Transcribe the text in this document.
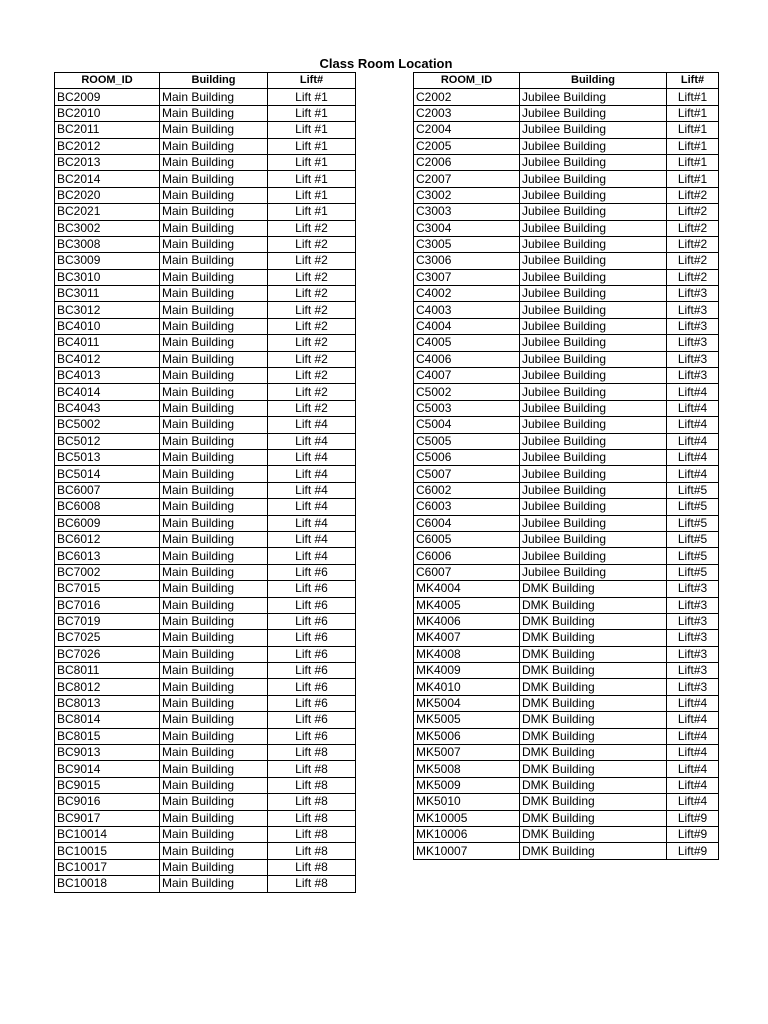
Class Room Location
ROOM_ID	Building	Lift#
BC2009	Main Building	Lift #1
BC2010	Main Building	Lift #1
BC2011	Main Building	Lift #1
BC2012	Main Building	Lift #1
BC2013	Main Building	Lift #1
BC2014	Main Building	Lift #1
BC2020	Main Building	Lift #1
BC2021	Main Building	Lift #1
BC3002	Main Building	Lift #2
BC3008	Main Building	Lift #2
BC3009	Main Building	Lift #2
BC3010	Main Building	Lift #2
BC3011	Main Building	Lift #2
BC3012	Main Building	Lift #2
BC4010	Main Building	Lift #2
BC4011	Main Building	Lift #2
BC4012	Main Building	Lift #2
BC4013	Main Building	Lift #2
BC4014	Main Building	Lift #2
BC4043	Main Building	Lift #2
BC5002	Main Building	Lift #4
BC5012	Main Building	Lift #4
BC5013	Main Building	Lift #4
BC5014	Main Building	Lift #4
BC6007	Main Building	Lift #4
BC6008	Main Building	Lift #4
BC6009	Main Building	Lift #4
BC6012	Main Building	Lift #4
BC6013	Main Building	Lift #4
BC7002	Main Building	Lift #6
BC7015	Main Building	Lift #6
BC7016	Main Building	Lift #6
BC7019	Main Building	Lift #6
BC7025	Main Building	Lift #6
BC7026	Main Building	Lift #6
BC8011	Main Building	Lift #6
BC8012	Main Building	Lift #6
BC8013	Main Building	Lift #6
BC8014	Main Building	Lift #6
BC8015	Main Building	Lift #6
BC9013	Main Building	Lift #8
BC9014	Main Building	Lift #8
BC9015	Main Building	Lift #8
BC9016	Main Building	Lift #8
BC9017	Main Building	Lift #8
BC10014	Main Building	Lift #8
BC10015	Main Building	Lift #8
BC10017	Main Building	Lift #8
BC10018	Main Building	Lift #8
ROOM_ID	Building	Lift#
C2002	Jubilee Building	Lift#1
C2003	Jubilee Building	Lift#1
C2004	Jubilee Building	Lift#1
C2005	Jubilee Building	Lift#1
C2006	Jubilee Building	Lift#1
C2007	Jubilee Building	Lift#1
C3002	Jubilee Building	Lift#2
C3003	Jubilee Building	Lift#2
C3004	Jubilee Building	Lift#2
C3005	Jubilee Building	Lift#2
C3006	Jubilee Building	Lift#2
C3007	Jubilee Building	Lift#2
C4002	Jubilee Building	Lift#3
C4003	Jubilee Building	Lift#3
C4004	Jubilee Building	Lift#3
C4005	Jubilee Building	Lift#3
C4006	Jubilee Building	Lift#3
C4007	Jubilee Building	Lift#3
C5002	Jubilee Building	Lift#4
C5003	Jubilee Building	Lift#4
C5004	Jubilee Building	Lift#4
C5005	Jubilee Building	Lift#4
C5006	Jubilee Building	Lift#4
C5007	Jubilee Building	Lift#4
C6002	Jubilee Building	Lift#5
C6003	Jubilee Building	Lift#5
C6004	Jubilee Building	Lift#5
C6005	Jubilee Building	Lift#5
C6006	Jubilee Building	Lift#5
C6007	Jubilee Building	Lift#5
MK4004	DMK Building	Lift#3
MK4005	DMK Building	Lift#3
MK4006	DMK Building	Lift#3
MK4007	DMK Building	Lift#3
MK4008	DMK Building	Lift#3
MK4009	DMK Building	Lift#3
MK4010	DMK Building	Lift#3
MK5004	DMK Building	Lift#4
MK5005	DMK Building	Lift#4
MK5006	DMK Building	Lift#4
MK5007	DMK Building	Lift#4
MK5008	DMK Building	Lift#4
MK5009	DMK Building	Lift#4
MK5010	DMK Building	Lift#4
MK10005	DMK Building	Lift#9
MK10006	DMK Building	Lift#9
MK10007	DMK Building	Lift#9
